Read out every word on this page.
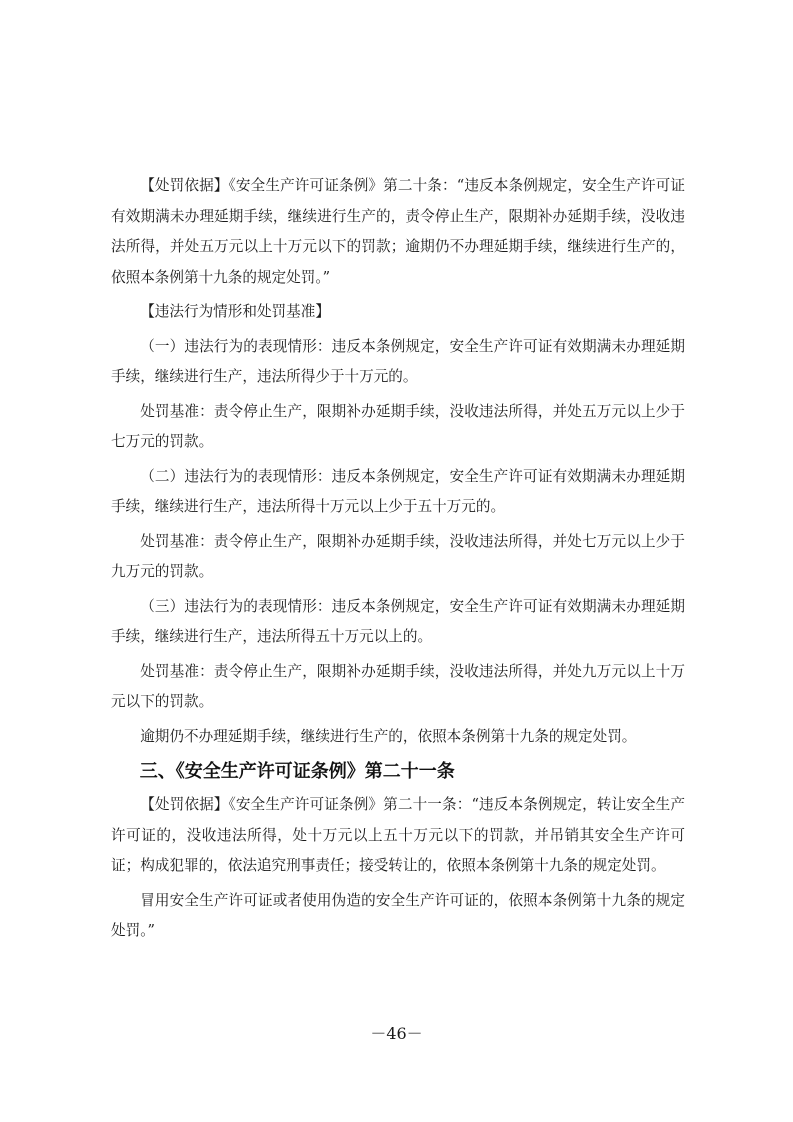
【处罚依据】《安全生产许可证条例》第二十条：“违反本条例规定，安全生产许可证有效期满未办理延期手续，继续进行生产的，责令停止生产，限期补办延期手续，没收违法所得，并处五万元以上十万元以下的罚款；逾期仍不办理延期手续，继续进行生产的，依照本条例第十九条的规定处罚。”

【违法行为情形和处罚基准】

（一）违法行为的表现情形：违反本条例规定，安全生产许可证有效期满未办理延期手续，继续进行生产，违法所得少于十万元的。

处罚基准：责令停止生产，限期补办延期手续，没收违法所得，并处五万元以上少于七万元的罚款。

（二）违法行为的表现情形：违反本条例规定，安全生产许可证有效期满未办理延期手续，继续进行生产，违法所得十万元以上少于五十万元的。

处罚基准：责令停止生产，限期补办延期手续，没收违法所得，并处七万元以上少于九万元的罚款。

（三）违法行为的表现情形：违反本条例规定，安全生产许可证有效期满未办理延期手续，继续进行生产，违法所得五十万元以上的。

处罚基准：责令停止生产，限期补办延期手续，没收违法所得，并处九万元以上十万元以下的罚款。

逾期仍不办理延期手续，继续进行生产的，依照本条例第十九条的规定处罚。

三、《安全生产许可证条例》第二十一条

【处罚依据】《安全生产许可证条例》第二十一条：“违反本条例规定，转让安全生产许可证的，没收违法所得，处十万元以上五十万元以下的罚款，并吊销其安全生产许可证；构成犯罪的，依法追究刑事责任；接受转让的，依照本条例第十九条的规定处罚。

冒用安全生产许可证或者使用伪造的安全生产许可证的，依照本条例第十九条的规定处罚。”

－46－
